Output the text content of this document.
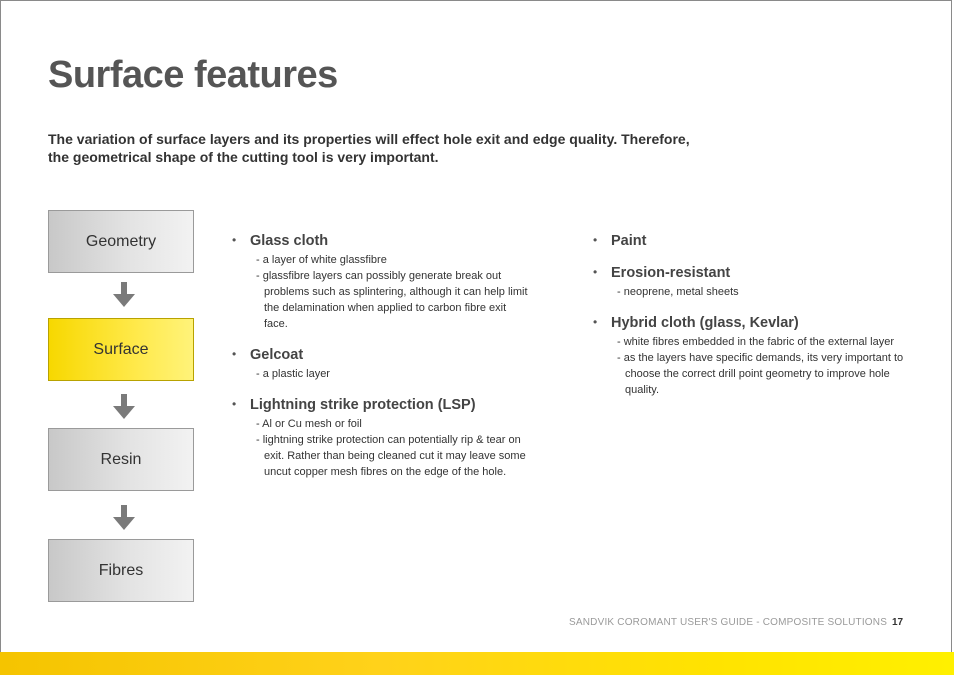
Surface features

The variation of surface layers and its properties will effect hole exit and edge quality. Therefore,
the geometrical shape of the cutting tool is very important.

Geometry
Surface
Resin
Fibres
• Glass cloth
- a layer of white glassfibre
- glassfibre layers can possibly generate break out problems such as splintering, although it can help limit the delamination when applied to carbon fibre exit face.
• Gelcoat
- a plastic layer
• Lightning strike protection (LSP)
- Al or Cu mesh or foil
- lightning strike protection can potentially rip & tear on exit. Rather than being cleaned cut it may leave some uncut copper mesh fibres on the edge of the hole.
• Paint
• Erosion-resistant
- neoprene, metal sheets
• Hybrid cloth (glass, Kevlar)
- white fibres embedded in the fabric of the external layer
- as the layers have specific demands, its very important to choose the correct drill point geometry to improve hole quality.
SANDVIK COROMANT USER'S GUIDE - COMPOSITE SOLUTIONS 17
